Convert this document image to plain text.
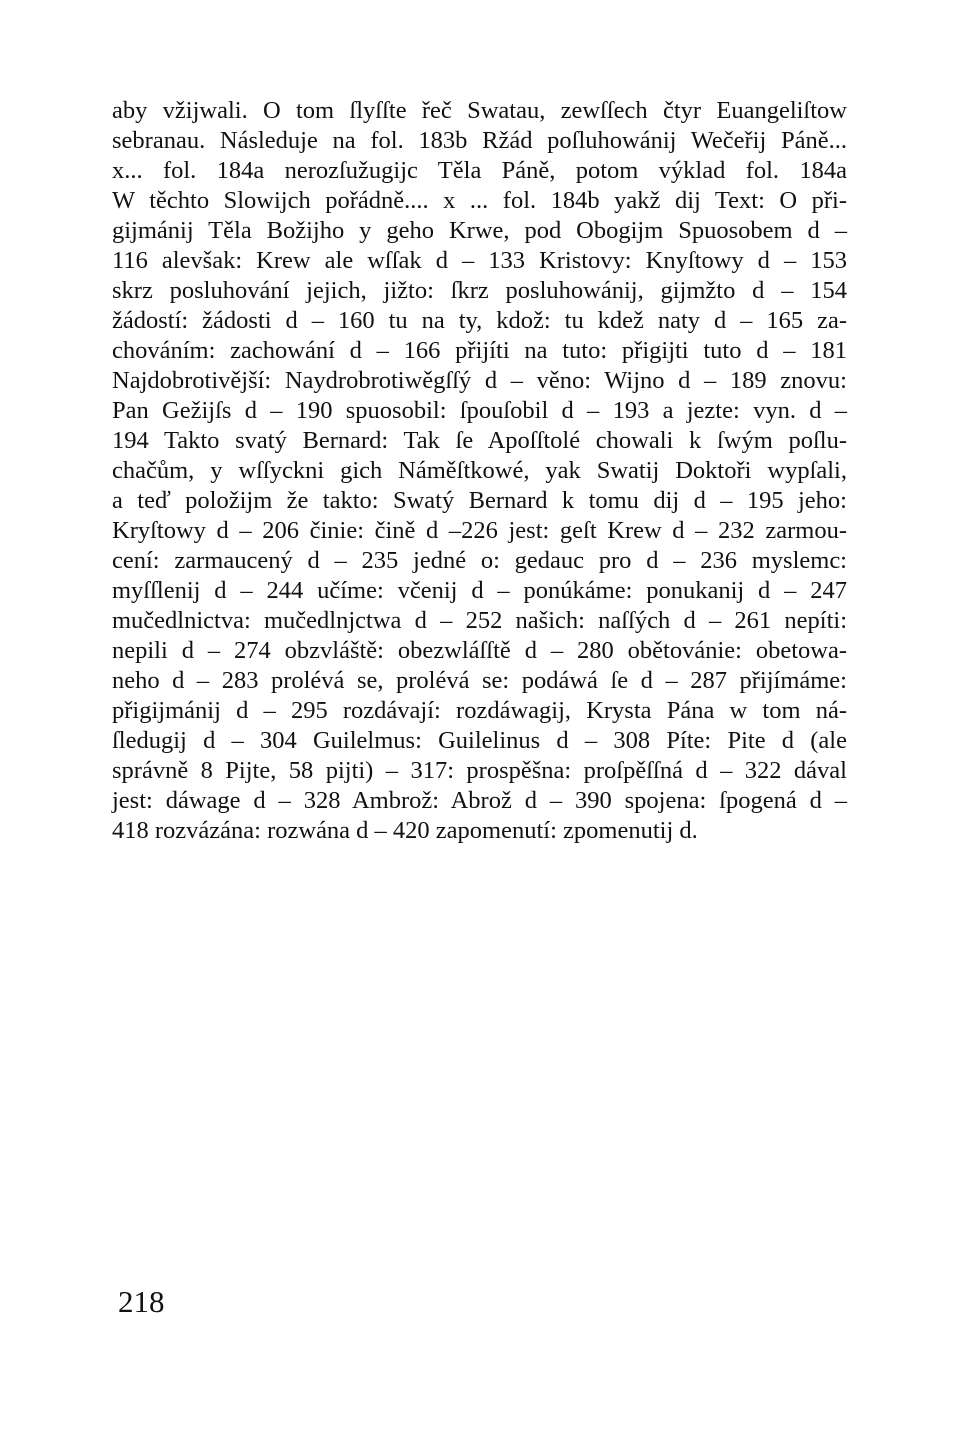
aby vžijwali. O tom ſlyſſte řeč Swatau, zewſſech čtyr Euangeliſtow
sebranau. Následuje na fol. 183b Ržád poſluhowánij Wečeřij Páně...
x... fol. 184a nerozſužugijc Těla Páně, potom výklad fol. 184a
W těchto Slowijch pořádně.... x ... fol. 184b yakž dij Text: O při-
gijmánij Těla Božijho y geho Krwe, pod Obogijm Spuosobem d –
116 alevšak: Krew ale wſſak d – 133 Kristovy: Knyſtowy d – 153
skrz posluhování jejich, jižto: ſkrz posluhowánij, gijmžto d – 154
žádostí: žádosti d – 160 tu na ty, kdož: tu kdež naty d – 165 za-
chováním: zachowání d – 166 přijíti na tuto: přigijti tuto d – 181
Najdobrotivější: Naydrobrotiwěgſſý d – věno: Wijno d – 189 znovu:
Pan Gežijſs d – 190 spuosobil: ſpouſobil d – 193 a jezte: vyn. d –
194 Takto svatý Bernard: Tak ſe Apoſſtolé chowali k ſwým poſlu-
chačům, y wſſyckni gich Náměſtkowé, yak Swatij Doktoři wypſali,
a teď položijm že takto: Swatý Bernard k tomu dij d – 195 jeho:
Kryſtowy d – 206 činie: čině d –226 jest: geſt Krew d – 232 zarmou-
cení: zarmaucený d – 235 jedné o: gedauc pro d – 236 myslemc:
myſſlenij d – 244 učíme: včenij d – ponúkáme: ponukanij d – 247
mučedlnictva: mučedlnjctwa d – 252 našich: naſſých d – 261 nepíti:
nepili d – 274 obzvláště: obezwláſſtě d – 280 obětovánie: obetowa-
neho d – 283 prolévá se, prolévá se: podáwá ſe d – 287 přijímáme:
přigijmánij d – 295 rozdávají: rozdáwagij, Krysta Pána w tom ná-
ſledugij d – 304 Guilelmus: Guilelinus d – 308 Píte: Pite d (ale
správně 8 Pijte, 58 pijti) – 317: prospěšna: proſpěſſná d – 322 dával
jest: dáwage d – 328 Ambrož: Abrož d – 390 spojena: ſpogená d –
418 rozvázána: rozwána d – 420 zapomenutí: zpomenutij d.
218
